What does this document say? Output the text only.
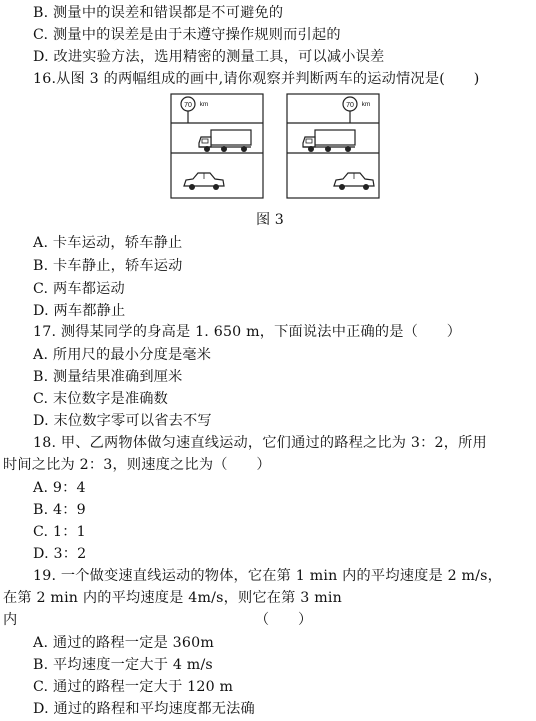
B. 测量中的误差和错误都是不可避免的
C. 测量中的误差是由于未遵守操作规则而引起的
D. 改进实验方法，选用精密的测量工具，可以减小误差
16.从图 3 的两幅组成的画中,请你观察并判断两车的运动情况是(　　)
70 km	70 km
图 3
A. 卡车运动，轿车静止
B. 卡车静止，轿车运动
C. 两车都运动
D. 两车都静止
17. 测得某同学的身高是 1. 650 m，下面说法中正确的是（　　）
A. 所用尺的最小分度是毫米
B. 测量结果准确到厘米
C. 末位数字是准确数
D. 末位数字零可以省去不写
18. 甲、乙两物体做匀速直线运动，它们通过的路程之比为 3：2，所用
时间之比为 2：3，则速度之比为（　　）
A. 9：4
B. 4：9
C. 1：1
D. 3：2
19. 一个做变速直线运动的物体，它在第 1 min 内的平均速度是 2 m/s，
在第 2 min 内的平均速度是 4m/s，则它在第 3 min
内　　　　　　　　　　　　　　　　　（　　）
A. 通过的路程一定是 360m
B. 平均速度一定大于 4 m/s
C. 通过的路程一定大于 120 m
D. 通过的路程和平均速度都无法确
